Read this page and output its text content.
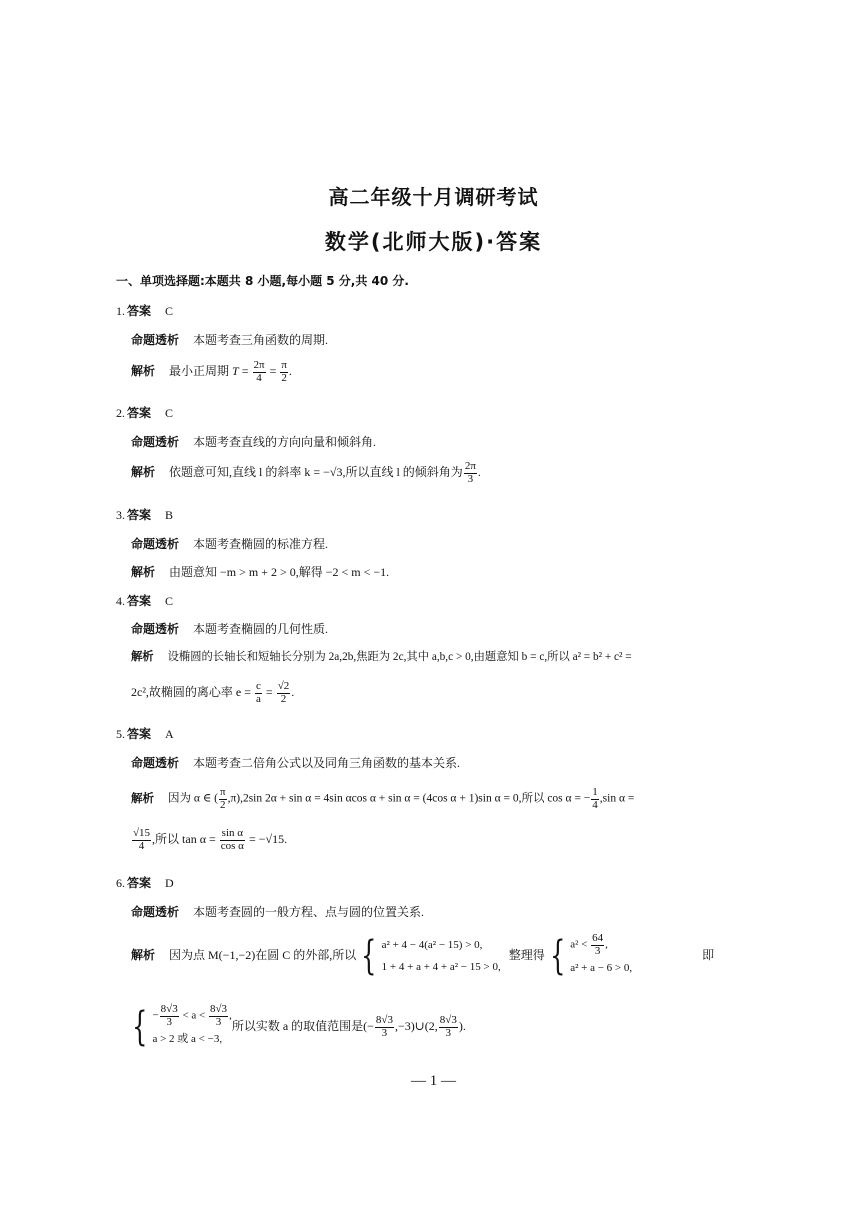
高二年级十月调研考试
数学(北师大版)·答案
一、单项选择题:本题共 8 小题,每小题 5 分,共 40 分.
1. 答案 C
命题透析 本题考查三角函数的周期.
解析 最小正周期 $T = \frac{2\pi}{4} = \frac{\pi}{2}$ .
2. 答案 C
命题透析 本题考查直线的方向向量和倾斜角.
解析 依题意可知,直线 l 的斜率 k = −√3,所以直线 l 的倾斜角为 $\frac{2\pi}{3}$ .
3. 答案 B
命题透析 本题考查椭圆的标准方程.
解析 由题意知 −m > m + 2 > 0,解得 −2 < m < −1.
4. 答案 C
命题透析 本题考查椭圆的几何性质.
解析 设椭圆的长轴长和短轴长分别为 2a,2b,焦距为 2c,其中 a,b,c > 0,由题意知 b = c,所以 a² = b² + c² =
2c²,故椭圆的离心率 $e = \frac{c}{a} = \frac{√2}{2}$ .
5. 答案 A
命题透析 本题考查二倍角公式以及同角三角函数的基本关系.
解析 因为 α ∈ ( $\frac{\pi}{2} ,\pi),2\sin$ 2α + sin α = 4sin αcos α + sin α = (4cos α + 1)sin α = 0,所以 cos α = − $\frac{1}{4} ,\sin$ α =
$\frac{√15}{4}$ ,所以 $\tan \alpha = \frac{\text{sin α}}{\text{cos α}} = -√15$.
6. 答案 D
命题透析 本题考查圆的一般方程、点与圆的位置关系.
解析 因为点 M(−1,−2)在圆 C 的外部,所以 { a² + 4 − 4(a² − 15) > 0,
1 + 4 + a + 4 + a² − 15 > 0,
整理得 { $a^2 < \frac{64}{3}$ ,
a² + a − 6 > 0,
即
{ − $\frac{8√3}{3} < a < \frac{8√3}{3}$ ,
a > 2 或 a < −3,
所以实数 a 的取值范围是(− $\frac{8√3}{3}$ ,−3)∪(2, $\frac{8√3}{3}$ ).
— 1 —
